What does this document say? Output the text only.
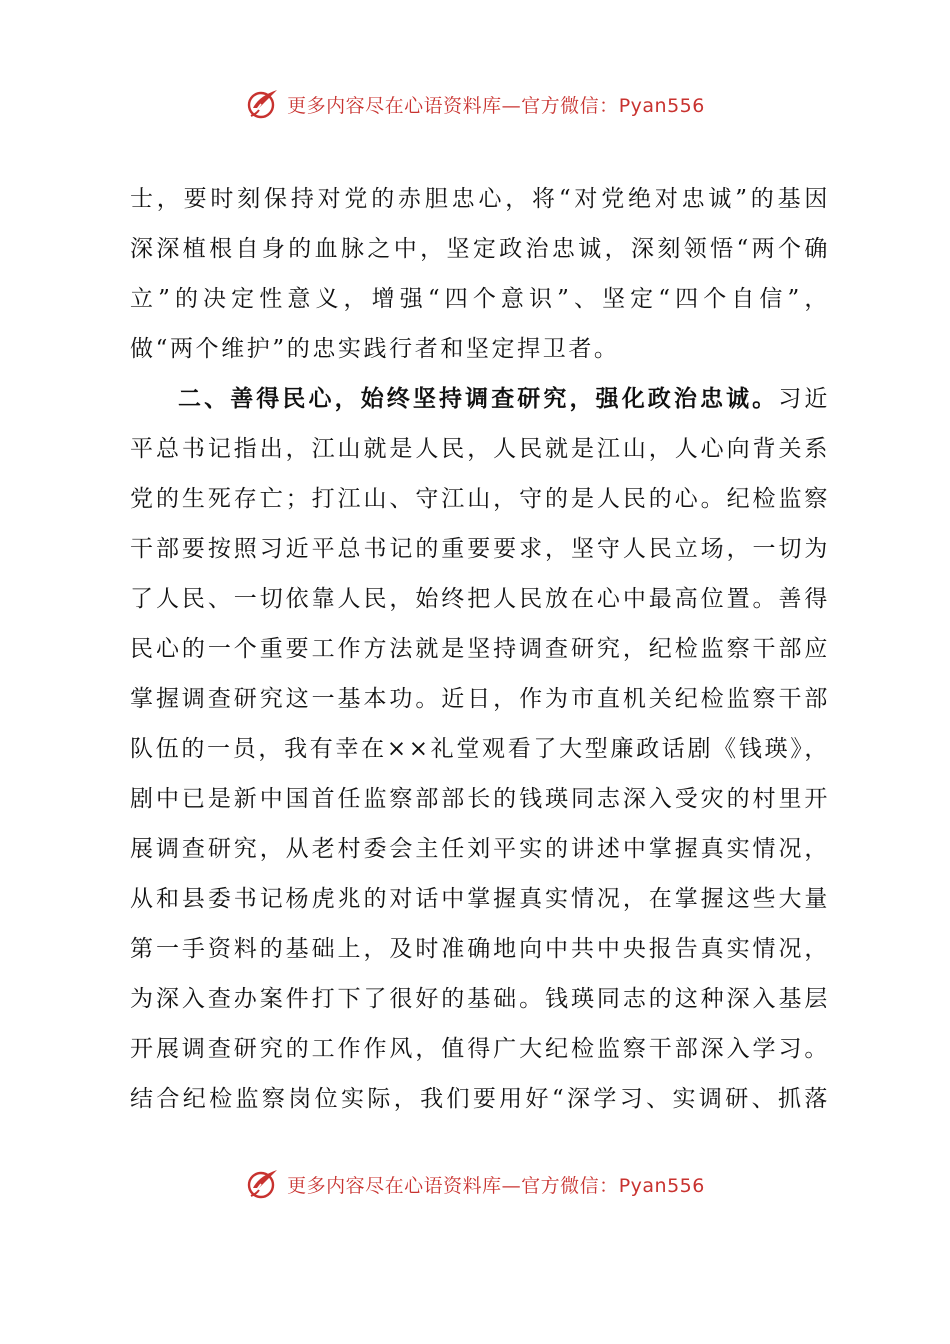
更多内容尽在心语资料库—官方微信：Pyan556
士，要时刻保持对党的赤胆忠心，将“对党绝对忠诚”的基因
深深植根自身的血脉之中，坚定政治忠诚，深刻领悟“两个确
立”的决定性意义，增强“四个意识”、坚定“四个自信”，
做“两个维护”的忠实践行者和坚定捍卫者。
二、善得民心，始终坚持调查研究，强化政治忠诚。习近
平总书记指出，江山就是人民，人民就是江山，人心向背关系
党的生死存亡；打江山、守江山，守的是人民的心。纪检监察
干部要按照习近平总书记的重要要求，坚守人民立场，一切为
了人民、一切依靠人民，始终把人民放在心中最高位置。善得
民心的一个重要工作方法就是坚持调查研究，纪检监察干部应
掌握调查研究这一基本功。近日，作为市直机关纪检监察干部
队伍的一员，我有幸在××礼堂观看了大型廉政话剧《钱瑛》，
剧中已是新中国首任监察部部长的钱瑛同志深入受灾的村里开
展调查研究，从老村委会主任刘平实的讲述中掌握真实情况，
从和县委书记杨虎兆的对话中掌握真实情况，在掌握这些大量
第一手资料的基础上，及时准确地向中共中央报告真实情况，
为深入查办案件打下了很好的基础。钱瑛同志的这种深入基层
开展调查研究的工作作风，值得广大纪检监察干部深入学习。
结合纪检监察岗位实际，我们要用好“深学习、实调研、抓落
更多内容尽在心语资料库—官方微信：Pyan556
